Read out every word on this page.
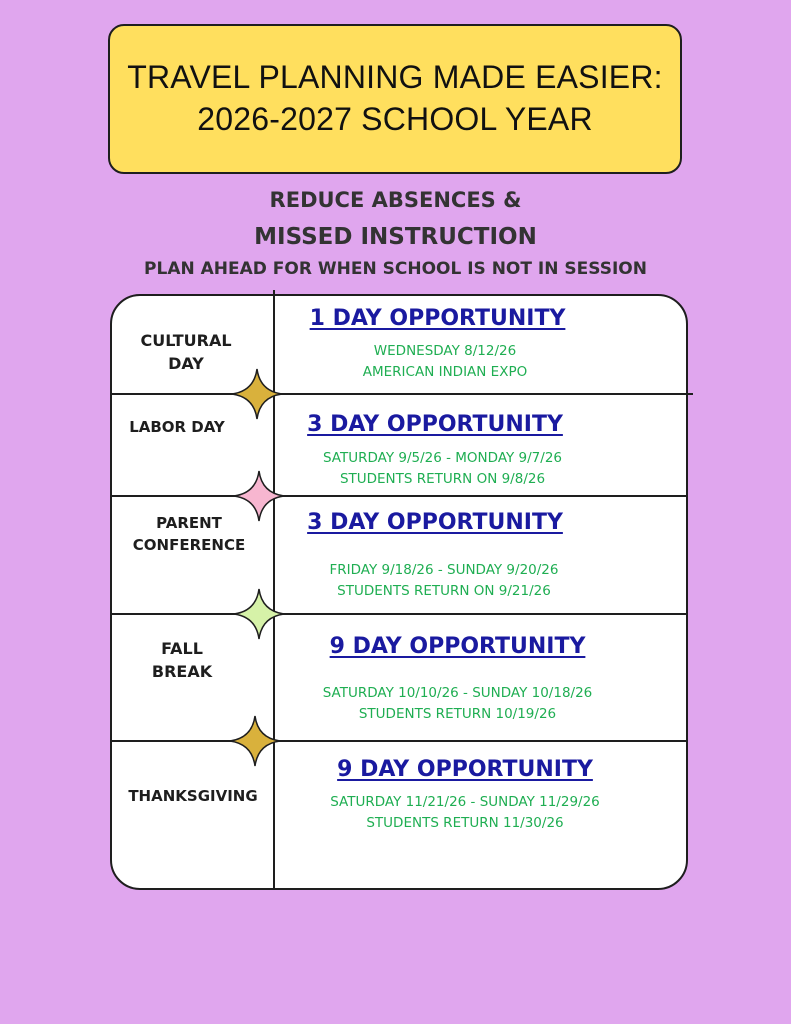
TRAVEL PLANNING MADE EASIER:
2026-2027 SCHOOL YEAR
REDUCE ABSENCES &
MISSED INSTRUCTION
PLAN AHEAD FOR WHEN SCHOOL IS NOT IN SESSION
CULTURAL
DAY
1 DAY OPPORTUNITY
WEDNESDAY 8/12/26
AMERICAN INDIAN EXPO
LABOR DAY	3 DAY OPPORTUNITY
SATURDAY 9/5/26 - MONDAY 9/7/26
STUDENTS RETURN ON 9/8/26
PARENT
CONFERENCE
3 DAY OPPORTUNITY
FRIDAY 9/18/26 - SUNDAY 9/20/26
STUDENTS RETURN ON 9/21/26
FALL
BREAK
9 DAY OPPORTUNITY
SATURDAY 10/10/26 - SUNDAY 10/18/26
STUDENTS RETURN 10/19/26
THANKSGIVING
9 DAY OPPORTUNITY
SATURDAY 11/21/26 - SUNDAY 11/29/26
STUDENTS RETURN 11/30/26
